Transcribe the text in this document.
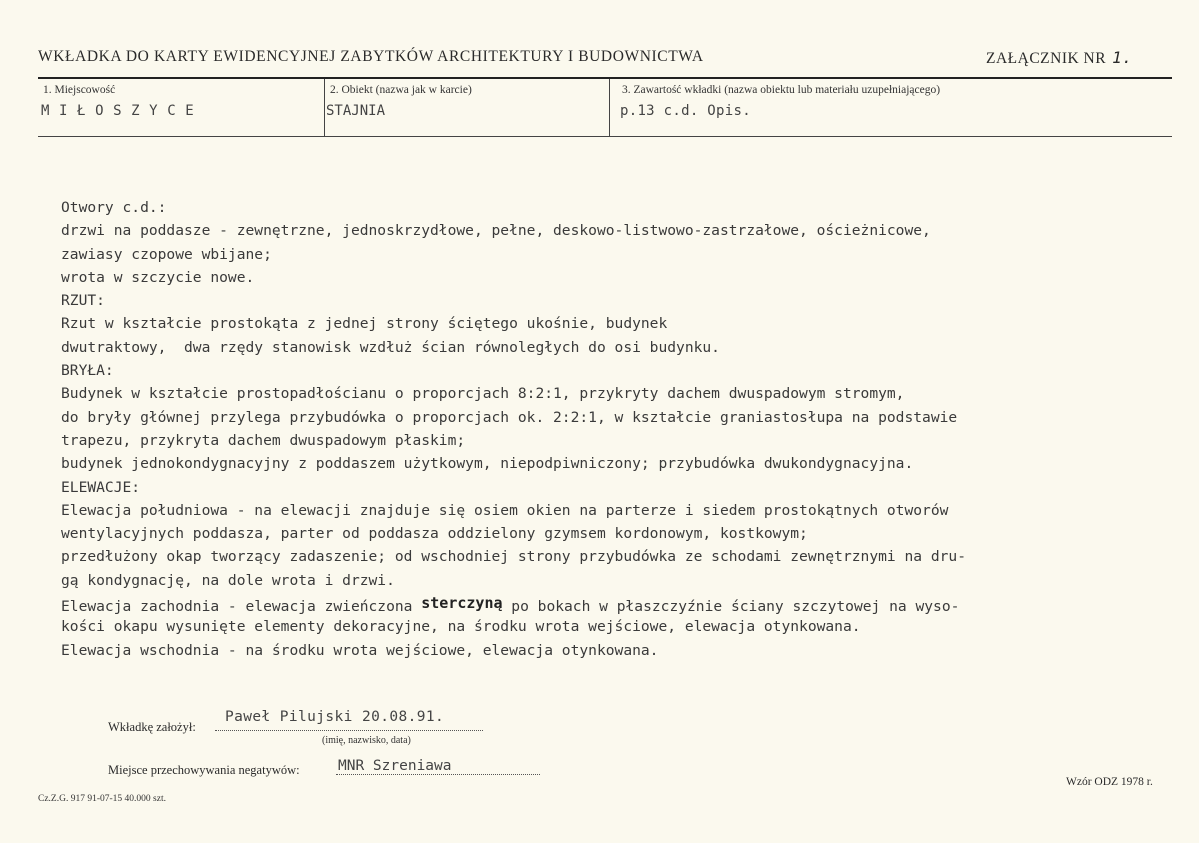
WKŁADKA DO KARTY EWIDENCYJNEJ ZABYTKÓW ARCHITEKTURY I BUDOWNICTWA	ZAŁĄCZNIK NR 1.
1. Miejscowość
MIŁOSZYCE
2. Obiekt (nazwa jak w karcie)
STAJNIA
3. Zawartość wkładki (nazwa obiektu lub materiału uzupełniającego)
p.13 c.d. Opis.
Otwory c.d.:
drzwi na poddasze - zewnętrzne, jednoskrzydłowe, pełne, deskowo-listwowo-zastrzałowe, ościeżnicowe,
zawiasy czopowe wbijane;
wrota w szczycie nowe.
RZUT:
Rzut w kształcie prostokąta z jednej strony ściętego ukośnie, budynek
dwutraktowy,  dwa rzędy stanowisk wzdłuż ścian równoległych do osi budynku.
BRYŁA:
Budynek w kształcie prostopadłościanu o proporcjach 8:2:1, przykryty dachem dwuspadowym stromym,
do bryły głównej przylega przybudówka o proporcjach ok. 2:2:1, w kształcie graniastosłupa na podstawie
trapezu, przykryta dachem dwuspadowym płaskim;
budynek jednokondygnacyjny z poddaszem użytkowym, niepodpiwniczony; przybudówka dwukondygnacyjna.
ELEWACJE:
Elewacja południowa - na elewacji znajduje się osiem okien na parterze i siedem prostokątnych otworów
wentylacyjnych poddasza, parter od poddasza oddzielony gzymsem kordonowym, kostkowym;
przedłużony okap tworzący zadaszenie; od wschodniej strony przybudówka ze schodami zewnętrznymi na dru-
gą kondygnację, na dole wrota i drzwi.
Elewacja zachodnia - elewacja zwieńczona sterczyną po bokach w płaszczyźnie ściany szczytowej na wyso-
kości okapu wysunięte elementy dekoracyjne, na środku wrota wejściowe, elewacja otynkowana.
Elewacja wschodnia - na środku wrota wejściowe, elewacja otynkowana.
Wkładkę założył:
Paweł Pilujski 20.08.91.
(imię, nazwisko, data)
Miejsce przechowywania negatywów:	MNR Szreniawa
Wzór ODZ 1978 r.
Cz.Z.G. 917 91-07-15 40.000 szt.
